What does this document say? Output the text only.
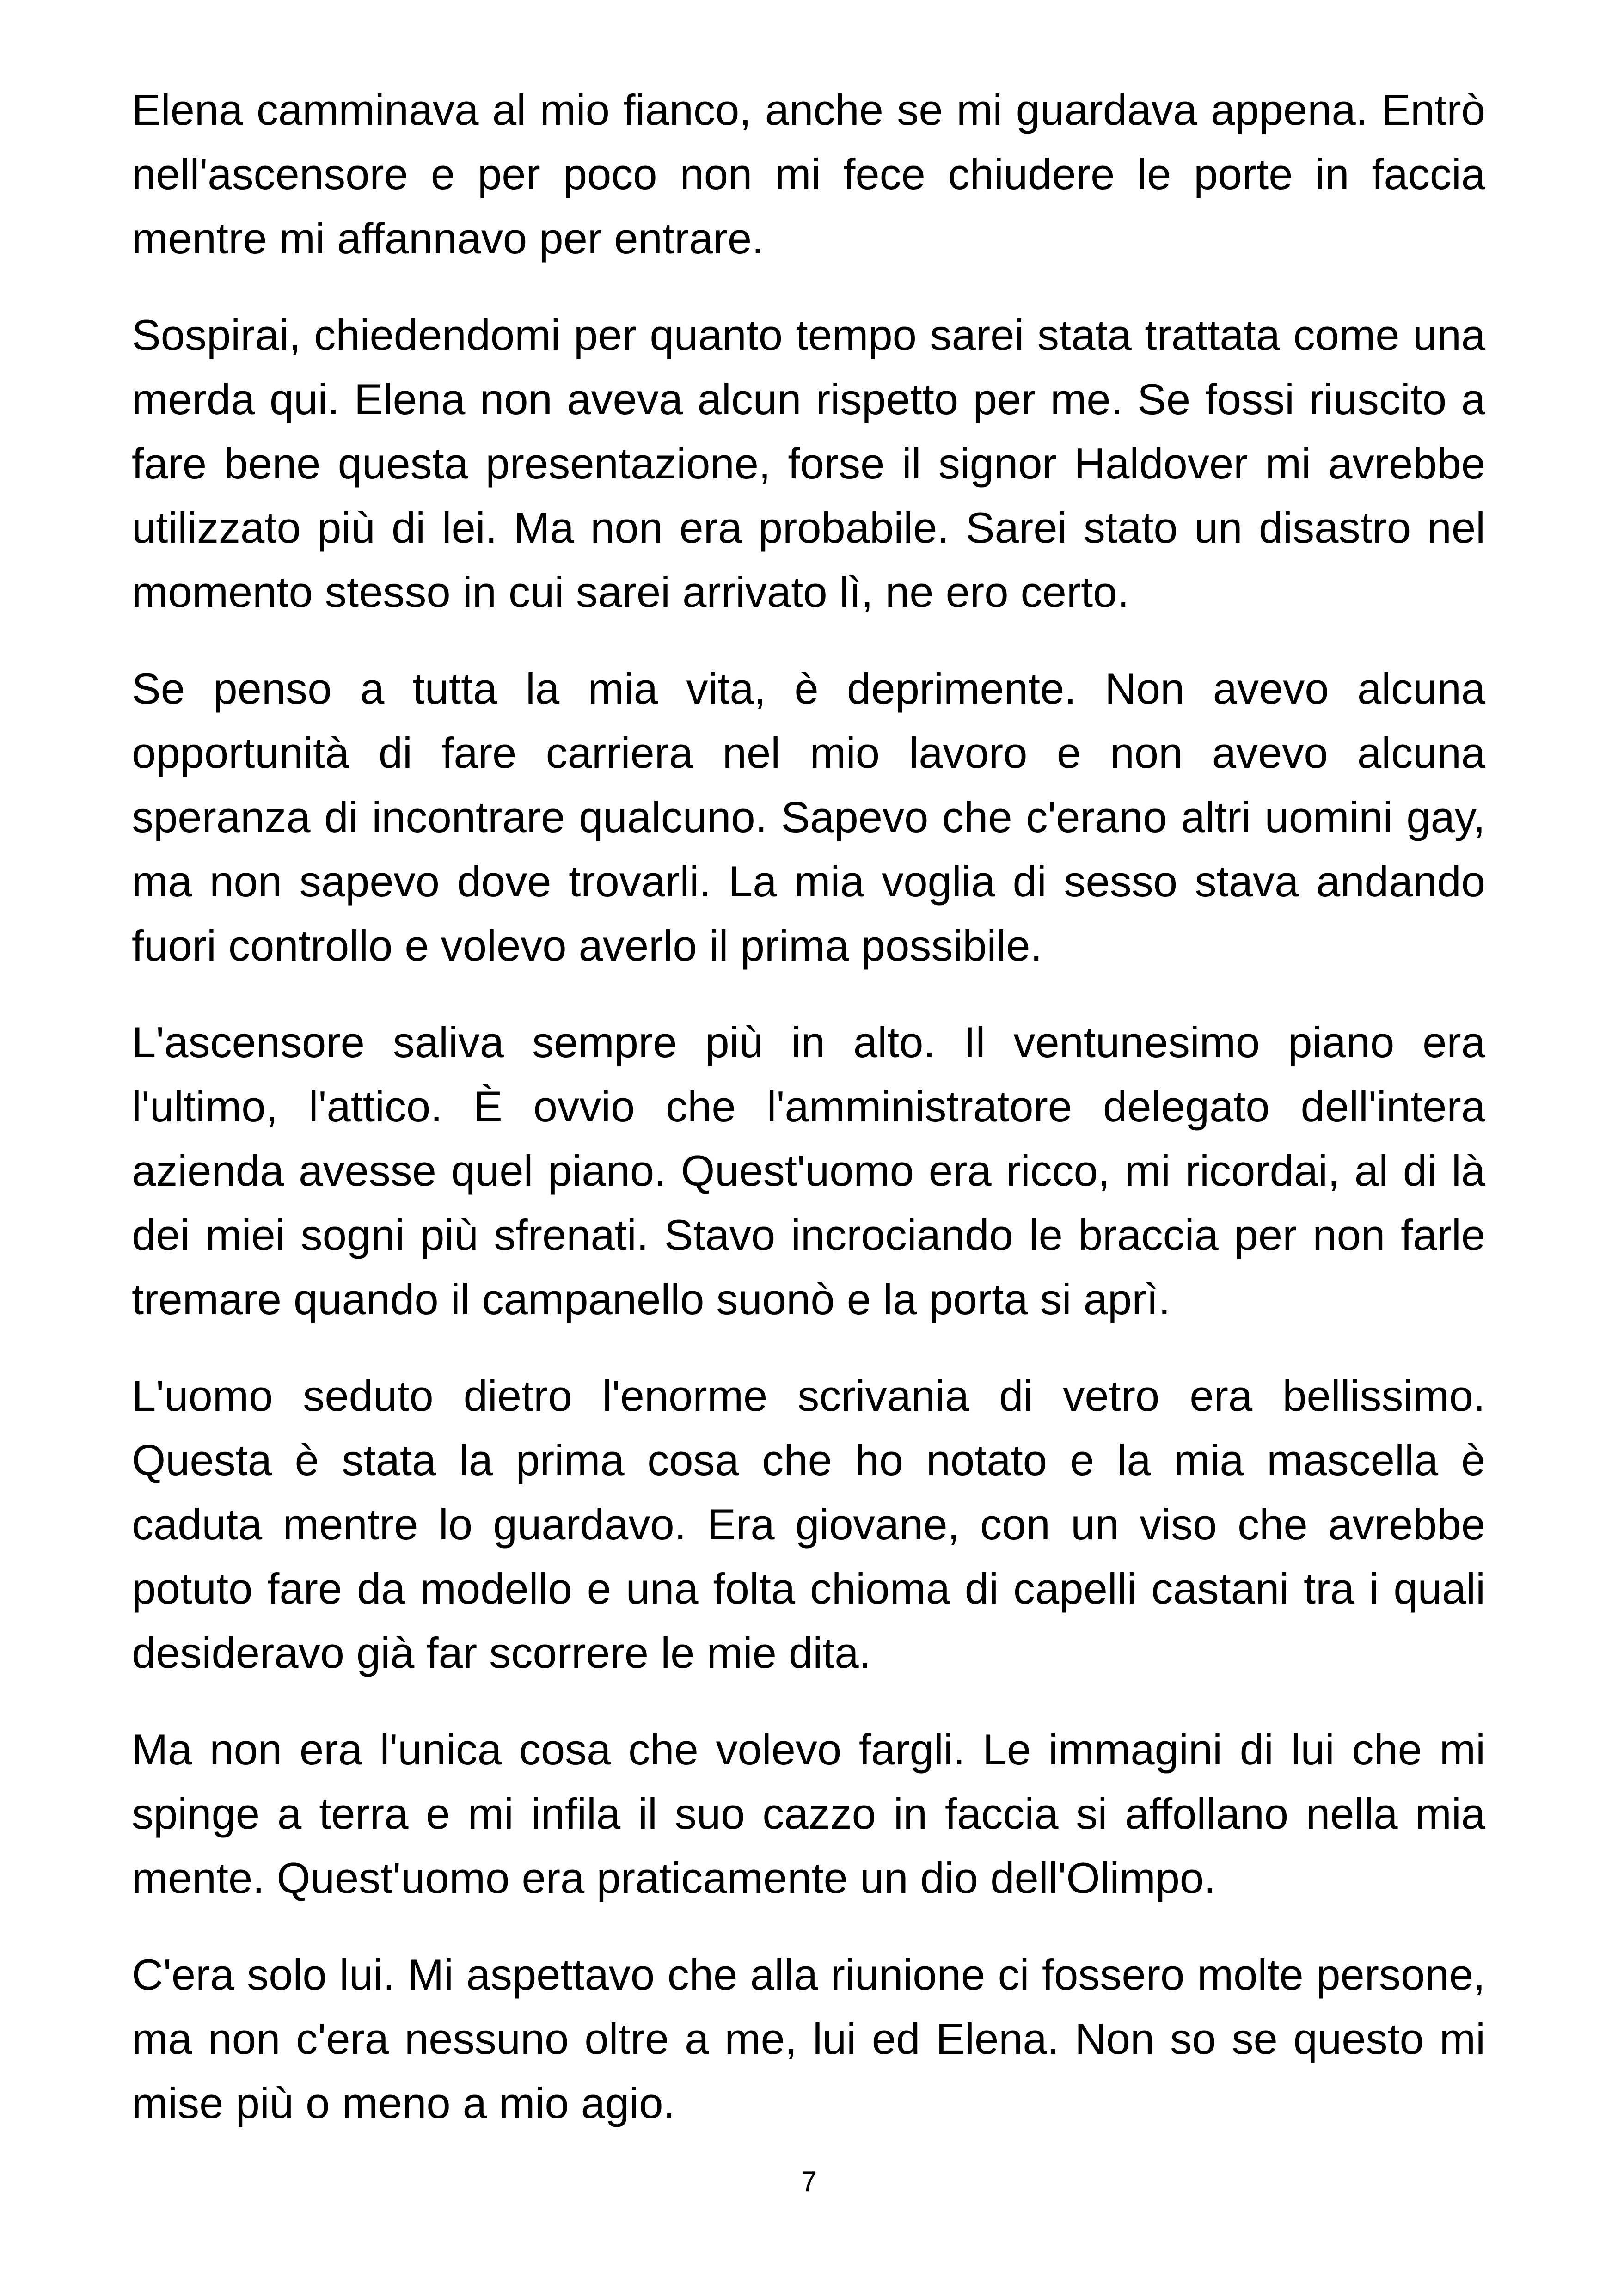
Elena camminava al mio fianco, anche se mi guardava appena. Entrò nell'ascensore e per poco non mi fece chiudere le porte in faccia mentre mi affannavo per entrare.

Sospirai, chiedendomi per quanto tempo sarei stata trattata come una merda qui. Elena non aveva alcun rispetto per me. Se fossi riuscito a fare bene questa presentazione, forse il signor Haldover mi avrebbe utilizzato più di lei. Ma non era probabile. Sarei stato un disastro nel momento stesso in cui sarei arrivato lì, ne ero certo.

Se penso a tutta la mia vita, è deprimente. Non avevo alcuna opportunità di fare carriera nel mio lavoro e non avevo alcuna speranza di incontrare qualcuno. Sapevo che c'erano altri uomini gay, ma non sapevo dove trovarli. La mia voglia di sesso stava andando fuori controllo e volevo averlo il prima possibile.

L'ascensore saliva sempre più in alto. Il ventunesimo piano era l'ultimo, l'attico. È ovvio che l'amministratore delegato dell'intera azienda avesse quel piano. Quest'uomo era ricco, mi ricordai, al di là dei miei sogni più sfrenati. Stavo incrociando le braccia per non farle tremare quando il campanello suonò e la porta si aprì.

L'uomo seduto dietro l'enorme scrivania di vetro era bellissimo. Questa è stata la prima cosa che ho notato e la mia mascella è caduta mentre lo guardavo. Era giovane, con un viso che avrebbe potuto fare da modello e una folta chioma di capelli castani tra i quali desideravo già far scorrere le mie dita.

Ma non era l'unica cosa che volevo fargli. Le immagini di lui che mi spinge a terra e mi infila il suo cazzo in faccia si affollano nella mia mente. Quest'uomo era praticamente un dio dell'Olimpo.

C'era solo lui. Mi aspettavo che alla riunione ci fossero molte persone, ma non c'era nessuno oltre a me, lui ed Elena. Non so se questo mi mise più o meno a mio agio.

7
